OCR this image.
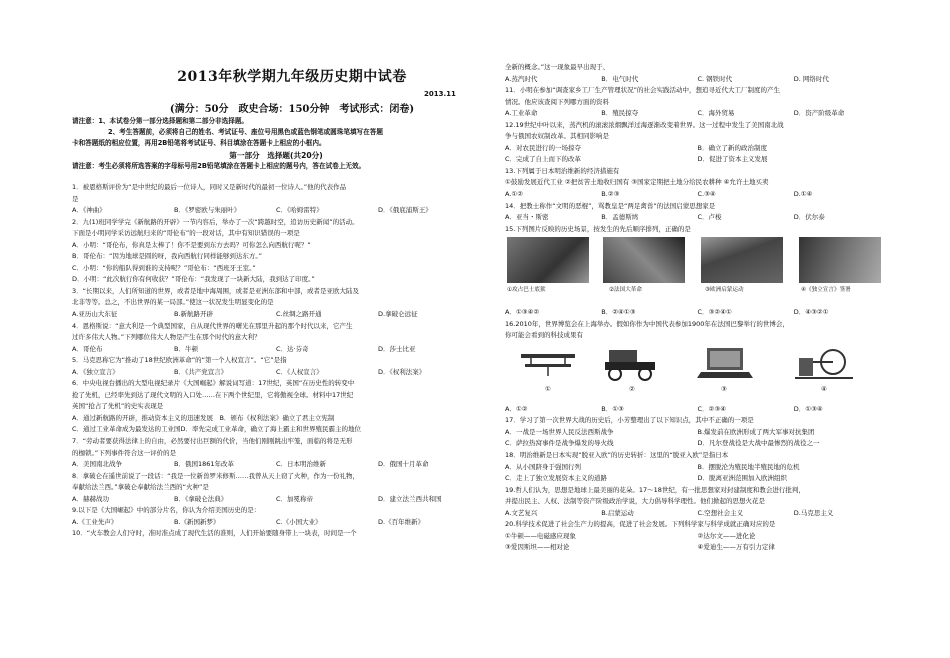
2013年秋学期九年级历史期中试卷
2013.11
(满分：50分　政史合场：150分钟　考试形式：闭卷)
请注意：1、本试卷分第一部分选择题和第二部分非选择题。
2、考生答题前，必须将自己的姓名、考试证号、座位号用黑色或蓝色钢笔或圆珠笔填写在答题
卡和答题纸的相应位置，再用2B铅笔将考试证号、科目填涂在答题卡上相应的小框内。
第一部分　选择题(共20分)
请注意：考生必须将所选答案的字母标号用2B铅笔填涂在答题卡上相应的题号内，答在试卷上无效。
1．被恩格斯评价为“是中世纪的最后一位诗人，同时又是新时代的最初一位诗人。”他的代表作品
是
A．《神曲》	B．《罗密欧与朱丽叶》	C．《哈姆雷特》	D．《俄底浦斯王》
2．九(1)班同学学完《新航路的开辟》一节内容后，举办了一次“跨越时空，追访历史新闻”的活动。
下面是小明同学采访远航归来的“哥伦布”的一段对话，其中有知识错误的一项是
A．小明：“哥伦布，你真是太棒了！你不是要到东方去吗？可你怎么向西航行呢？”
B．哥伦布：“因为地球是圆的呀，我向西航行同样能够到达东方。”
C．小明：“你的船队得到谁的支持呢？”哥伦布：“西班牙王室。”
D．小明：“此次航行你有何收获？”哥伦布：“我发现了一块新大陆，我到达了印度。”
3．“长期以来，人们所知道的世界，或者是地中海周围，或者是亚洲东部和中部，或者是亚欧大陆及
北非等等。总之，不出世界的某一局部。”使这一状况发生明显变化的是
A.亚历山大东征	B.新航路开辟	C.丝绸之路开通	D.拿破仑远征
4．恩格斯说：“意大利是一个典型国家，自从现代世界的曙光在那里升起的那个时代以来，它产生
过许多伟大人物。”下列哪位伟大人物是产生在那个时代的意大利？
A．哥伦布	B．牛顿	C．达·芬奇	D．莎士比亚
5．马克思称它为“推动了18世纪欧洲革命”的“第一个人权宣言”。“它”是指
A．《独立宣言》	B．《共产党宣言》	C．《人权宣言》	D．《权利法案》
6．中央电视台播出的大型电视纪录片《大国崛起》解说词写道：17世纪，英国“在历史性的转变中
抢了先机，已经率先到达了现代文明的入口处……在下两个世纪里，它将傲视全球。材料中17世纪
英国“抢占了先机”的史实表现是
A．通过新航路的开辟，推动资本主义的迅速发展　B．颁布《权利法案》确立了君主立宪制
C．通过工业革命成为最发达的工业国D．率先完成工业革命，确立了海上霸主和世界殖民霸主的地位
7．“劳动者要获得法律上的自由，必然要付出巨额的代价，当他们刚刚跳出牢笼，面临的将是无形
的枷锁。”下列事件符合这一评价的是
A．美国南北战争	B．俄国1861年改革	C．日本明治维新	D．俄国十月革命
8．拿破仑在遥世前说了一段话：“我是一位新兽罗米修斯……我曾从天上窃了火种，作为一份礼物，
奉献给法兰西。”拿破仑奉献给法兰西的“火种”是
A．赫赫战功	B．《拿破仑法典》	C．加冕称帝	D．建立法兰西共和国
9.以下是《大国崛起》中的部分片名，你认为介绍美国历史的是：
A.《工业先声》	B.《新国新梦》	C.《小国大业》	D.《百年维新》
10．“火车教会人们守时，准时准点成了现代生活的准则，人们开始要随身带上一块表，时间是一个
全新的概念。”这一现象最早出现于、
A.蒸汽时代	B．电气时代	C. 钢铁时代	D. 网络时代
11．小明在参加“调查家乡工厂生产管理状况”的社会实践活动中，想追寻近代大工厂制度的产生
情况。他应该查阅下列哪方面的资料
A.工业革命	B．殖民掠夺	C．海外贸易	D．资产阶级革命
12.19世纪中叶以来，蒸汽机的滚滚浓烟飘洋过海逐渐改变着世界。这一过程中发生了美国南北战
争与俄国农奴制改革。其相同影响是
A．对农民进行的一场掠夺	B．确立了新的政治制度
C．完成了自上而下的改革	D．促进了资本主义发展
13.下列属于日本明治维新的经济措施有
①鼓励发展近代工业 ②把贫苦土地收归国有 ③国家定期把土地分给民农耕种 ④允许土地买卖
A.①②	B.②③	C.③④	D.①④
14．把教士称作“文明的恶棍”，骂教皇是“两足禽兽”的法国启蒙思想家是
A．亚当・斯密	B．孟德斯鸠	C．卢梭	D．伏尔泰
15.下列图片反映的历史场景，按发生的先后顺序排列，正确的是
①攻占巴士底狱	②法国大革命	③欧洲启蒙运动	④《独立宣言》签署
A．①③④②	B．②④①③	C．③②④①	D．④③②①
16.2010年，世界博览会在上海举办。假如你作为中国代表参加1900年在法国巴黎举行的世博会，
你可能会看到的科技成果有
①	②	③	④
A．①②	B．①③	C．②③④	D．①③④
17．学习了第一次世界大战的历史后，小芳整理出了以下知识点，其中不正确的一项是
A．一战是一场世界人民反法西斯战争	B.爆发前在欧洲形成了两大军事对抗集团
C．萨拉热窝事件是战争爆发的导火线	D．凡尔登战役是大战中最惨烈的战役之一
18．明治维新是日本实现“脱亚入欧”的历史转折：这里的“脱亚入欧”是指日本
A．从小国跻身于强国行列	B．摆脱沦为殖民地半殖民地的危机
C．走上了独立发展资本主义的道路	D．脱离亚洲范围加入欧洲组织
19.哲人们认为，思想是地球上最美丽的花朵。17～18世纪，有一批思想家对封建制度和教会进行批判，
并提出民主、人权、法制等资产阶级政治学说，大力倡导科学理性。他们掀起的思想火花是
A.文艺复兴	B.启蒙运动	C.空想社会主义	D.马克思主义
20.科学技术促进了社会生产力的提高，促进了社会发展。下列科学家与科学成就正确对应的是
①牛顿——电磁感应现象	②达尔文——进化论
③爱因斯坦——相对论	④爱迪生——万有引力定律
